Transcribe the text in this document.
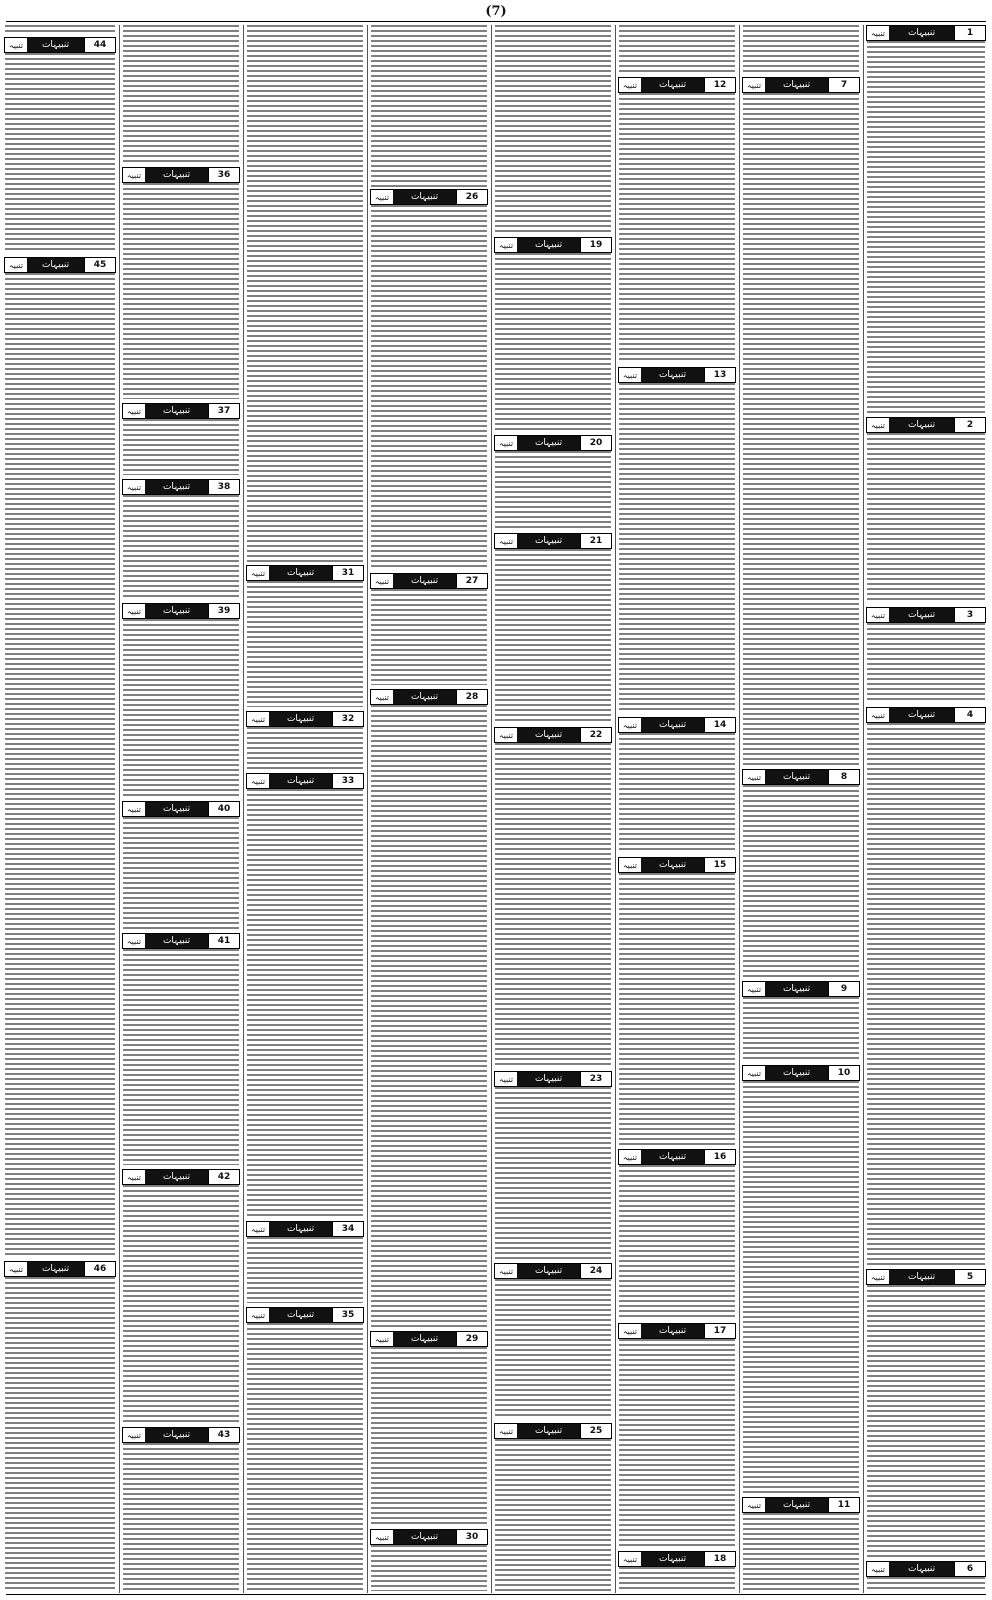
(7)
تنبیہ	تنبیہات	1
تنبیہ	تنبیہات	2
تنبیہ	تنبیہات	3
تنبیہ	تنبیہات	4
تنبیہ	تنبیہات	5
تنبیہ	تنبیہات	6
تنبیہ	تنبیہات	7
تنبیہ	تنبیہات	8
تنبیہ	تنبیہات	9
تنبیہ	تنبیہات	10
تنبیہ	تنبیہات	11
تنبیہ	تنبیہات	12
تنبیہ	تنبیہات	13
تنبیہ	تنبیہات	14
تنبیہ	تنبیہات	15
تنبیہ	تنبیہات	16
تنبیہ	تنبیہات	17
تنبیہ	تنبیہات	18
تنبیہ	تنبیہات	19
تنبیہ	تنبیہات	20
تنبیہ	تنبیہات	21
تنبیہ	تنبیہات	22
تنبیہ	تنبیہات	23
تنبیہ	تنبیہات	24
تنبیہ	تنبیہات	25
تنبیہ	تنبیہات	26
تنبیہ	تنبیہات	27
تنبیہ	تنبیہات	28
تنبیہ	تنبیہات	29
تنبیہ	تنبیہات	30
تنبیہ	تنبیہات	31
تنبیہ	تنبیہات	32
تنبیہ	تنبیہات	33
تنبیہ	تنبیہات	34
تنبیہ	تنبیہات	35
تنبیہ	تنبیہات	36
تنبیہ	تنبیہات	37
تنبیہ	تنبیہات	38
تنبیہ	تنبیہات	39
تنبیہ	تنبیہات	40
تنبیہ	تنبیہات	41
تنبیہ	تنبیہات	42
تنبیہ	تنبیہات	43
تنبیہ	تنبیہات	44
تنبیہ	تنبیہات	45
تنبیہ	تنبیہات	46
